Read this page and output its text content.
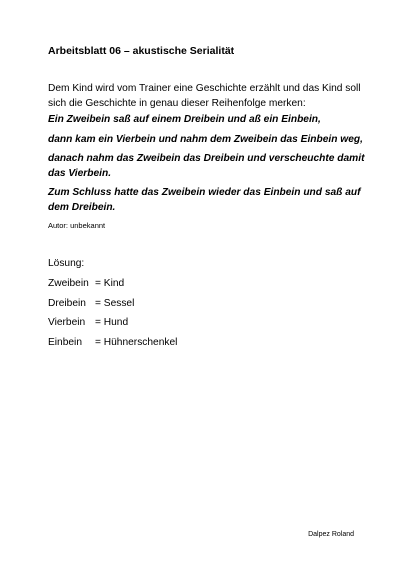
Arbeitsblatt 06 – akustische Serialität
Dem Kind wird vom Trainer eine Geschichte erzählt und das Kind soll
sich die Geschichte in genau dieser Reihenfolge merken:

Ein Zweibein saß auf einem Dreibein und aß ein Einbein,

dann kam ein Vierbein und nahm dem Zweibein das Einbein weg,

danach nahm das Zweibein das Dreibein und verscheuchte damit
das Vierbein.

Zum Schluss hatte das Zweibein wieder das Einbein und saß auf
dem Dreibein.

Autor: unbekannt
Lösung:
Zweibein = Kind
Dreibein = Sessel
Vierbein = Hund
Einbein	= Hühnerschenkel
Dalpez Roland
